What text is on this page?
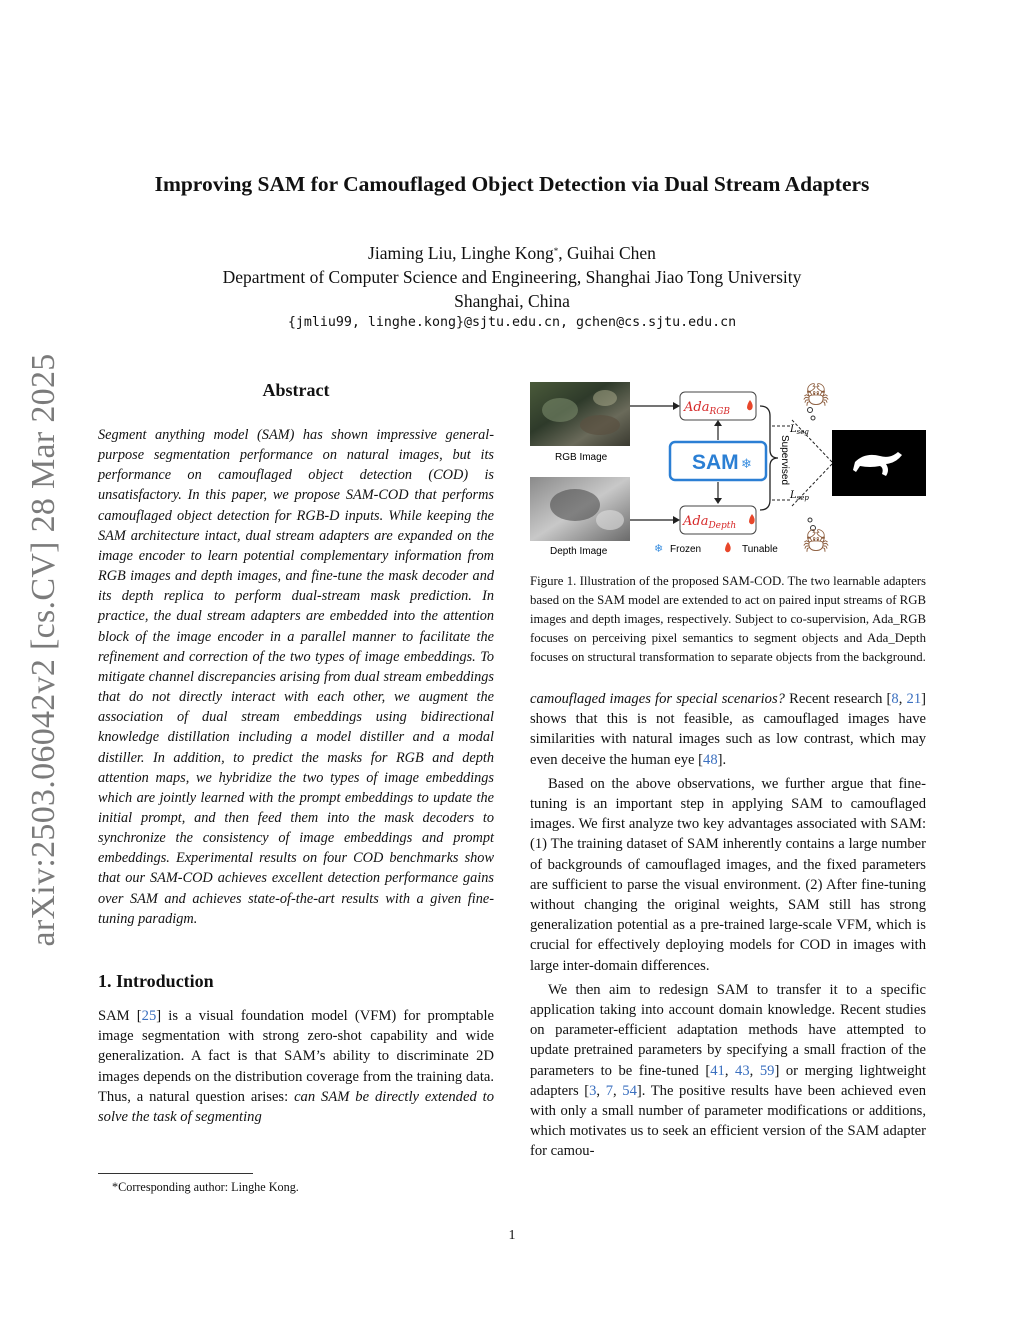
arXiv:2503.06042v2 [cs.CV] 28 Mar 2025
Improving SAM for Camouflaged Object Detection via Dual Stream Adapters
Jiaming Liu, Linghe Kong*, Guihai Chen
Department of Computer Science and Engineering, Shanghai Jiao Tong University
Shanghai, China
{jmliu99, linghe.kong}@sjtu.edu.cn, gchen@cs.sjtu.edu.cn
Abstract
Segment anything model (SAM) has shown impressive general-purpose segmentation performance on natural images, but its performance on camouflaged object detection (COD) is unsatisfactory. In this paper, we propose SAM-COD that performs camouflaged object detection for RGB-D inputs. While keeping the SAM architecture intact, dual stream adapters are expanded on the image encoder to learn potential complementary information from RGB images and depth images, and fine-tune the mask decoder and its depth replica to perform dual-stream mask prediction. In practice, the dual stream adapters are embedded into the attention block of the image encoder in a parallel manner to facilitate the refinement and correction of the two types of image embeddings. To mitigate channel discrepancies arising from dual stream embeddings that do not directly interact with each other, we augment the association of dual stream embeddings using bidirectional knowledge distillation including a model distiller and a modal distiller. In addition, to predict the masks for RGB and depth attention maps, we hybridize the two types of image embeddings which are jointly learned with the prompt embeddings to update the initial prompt, and then feed them into the mask decoders to synchronize the consistency of image embeddings and prompt embeddings. Experimental results on four COD benchmarks show that our SAM-COD achieves excellent detection performance gains over SAM and achieves state-of-the-art results with a given fine-tuning paradigm.
1. Introduction

SAM [25] is a visual foundation model (VFM) for promptable image segmentation with strong zero-shot capability and wide generalization. A fact is that SAM’s ability to discriminate 2D images depends on the distribution coverage from the training data. Thus, a natural question arises: can SAM be directly extended to solve the task of segmenting

*Corresponding author: Linghe Kong.
RGB Image
Depth Image
Ada$_{RGB}$
SAM ❄
Ada$_{Depth}$
Supervised
🦀︎
🦀︎
$L_{seg}$
$L_{sep}$
❄ Frozen	Tunable
Figure 1. Illustration of the proposed SAM-COD. The two learnable adapters based on the SAM model are extended to act on paired input streams of RGB images and depth images, respectively. Subject to co-supervision, Ada_RGB focuses on perceiving pixel semantics to segment objects and Ada_Depth focuses on structural transformation to separate objects from the background.

camouflaged images for special scenarios? Recent research [8, 21] shows that this is not feasible, as camouflaged images have similarities with natural images such as low contrast, which may even deceive the human eye [48].

Based on the above observations, we further argue that fine-tuning is an important step in applying SAM to camouflaged images. We first analyze two key advantages associated with SAM: (1) The training dataset of SAM inherently contains a large number of backgrounds of camouflaged images, and the fixed parameters are sufficient to parse the visual environment. (2) After fine-tuning without changing the original weights, SAM still has strong generalization potential as a pre-trained large-scale VFM, which is crucial for effectively deploying models for COD in images with large inter-domain differences.

We then aim to redesign SAM to transfer it to a specific application taking into account domain knowledge. Recent studies on parameter-efficient adaptation methods have attempted to update pretrained parameters by specifying a small fraction of the parameters to be fine-tuned [41, 43, 59] or merging lightweight adapters [3, 7, 54]. The positive results have been achieved even with only a small number of parameter modifications or additions, which motivates us to seek an efficient version of the SAM adapter for camou-

1
